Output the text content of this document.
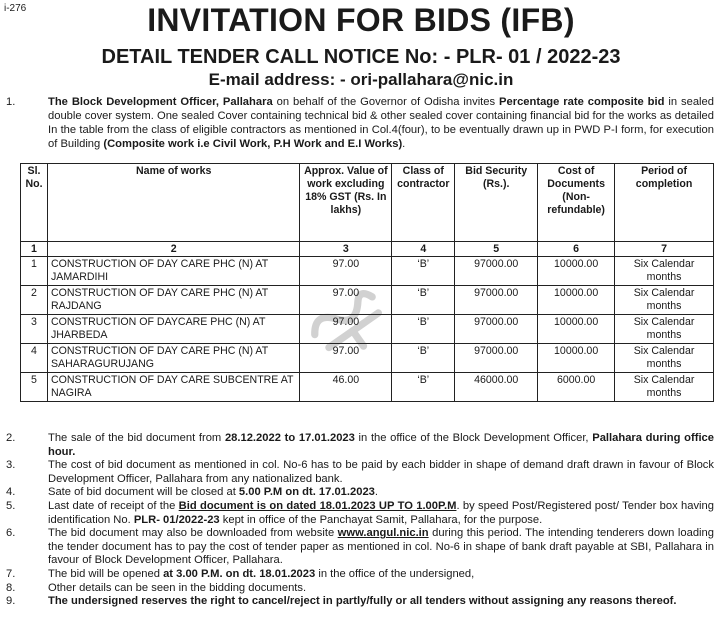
i-276	INVITATION FOR BIDS (IFB)
DETAIL TENDER CALL NOTICE No: - PLR- 01 / 2022-23
E-mail address: - ori-pallahara@nic.in
1.	The Block Development Officer, Pallahara on behalf of the Governor of Odisha invites Percentage rate composite bid in sealed double cover system. One sealed Cover containing technical bid & other sealed cover containing financial bid for the works as detailed In the table from the class of eligible contractors as mentioned in Col.4(four), to be eventually drawn up in PWD P-I form, for execution of Building (Composite work i.e Civil Work, P.H Work and E.I Works).
Sl. No.	Name of works	Approx. Value of work excluding 18% GST (Rs. In lakhs)	Class of contractor	Bid Security (Rs.).	Cost of Documents (Non-refundable)	Period of completion
1	2	3	4	5	6	7
1	CONSTRUCTION OF DAY CARE PHC (N) AT JAMARDIHI	97.00	‘B’	97000.00	10000.00	Six Calendar months
2	CONSTRUCTION OF DAY CARE PHC (N) AT RAJDANG	97.00	‘B’	97000.00	10000.00	Six Calendar months
3	CONSTRUCTION OF DAYCARE PHC (N) AT JHARBEDA	97.00	‘B’	97000.00	10000.00	Six Calendar months
4	CONSTRUCTION OF DAY CARE PHC (N) AT SAHARAGURUJANG	97.00	‘B’	97000.00	10000.00	Six Calendar months
5	CONSTRUCTION OF DAY CARE SUBCENTRE AT NAGIRA	46.00	‘B’	46000.00	6000.00	Six Calendar months
2.	The sale of the bid document from 28.12.2022 to 17.01.2023 in the office of the Block Development Officer, Pallahara during office hour.
3.	The cost of bid document as mentioned in col. No-6 has to be paid by each bidder in shape of demand draft drawn in favour of Block Development Officer, Pallahara from any nationalized bank.
4.	Sate of bid document will be closed at 5.00 P.M on dt. 17.01.2023.
5.	Last date of receipt of the Bid document is on dated 18.01.2023 UP TO 1.00P.M. by speed Post/Registered post/ Tender box having identification No. PLR- 01/2022-23 kept in office of the Panchayat Samit, Pallahara, for the purpose.
6.	The bid document may also be downloaded from website www.angul.nic.in during this period. The intending tenderers down loading the tender document has to pay the cost of tender paper as mentioned in col. No-6 in shape of bank draft payable at SBI, Pallahara in favour of Block Development Officer, Pallahara.
7.	The bid will be opened at 3.00 P.M. on dt. 18.01.2023 in the office of the undersigned,
8.	Other details can be seen in the bidding documents.
9.	The undersigned reserves the right to cancel/reject in partly/fully or all tenders without assigning any reasons thereof.
